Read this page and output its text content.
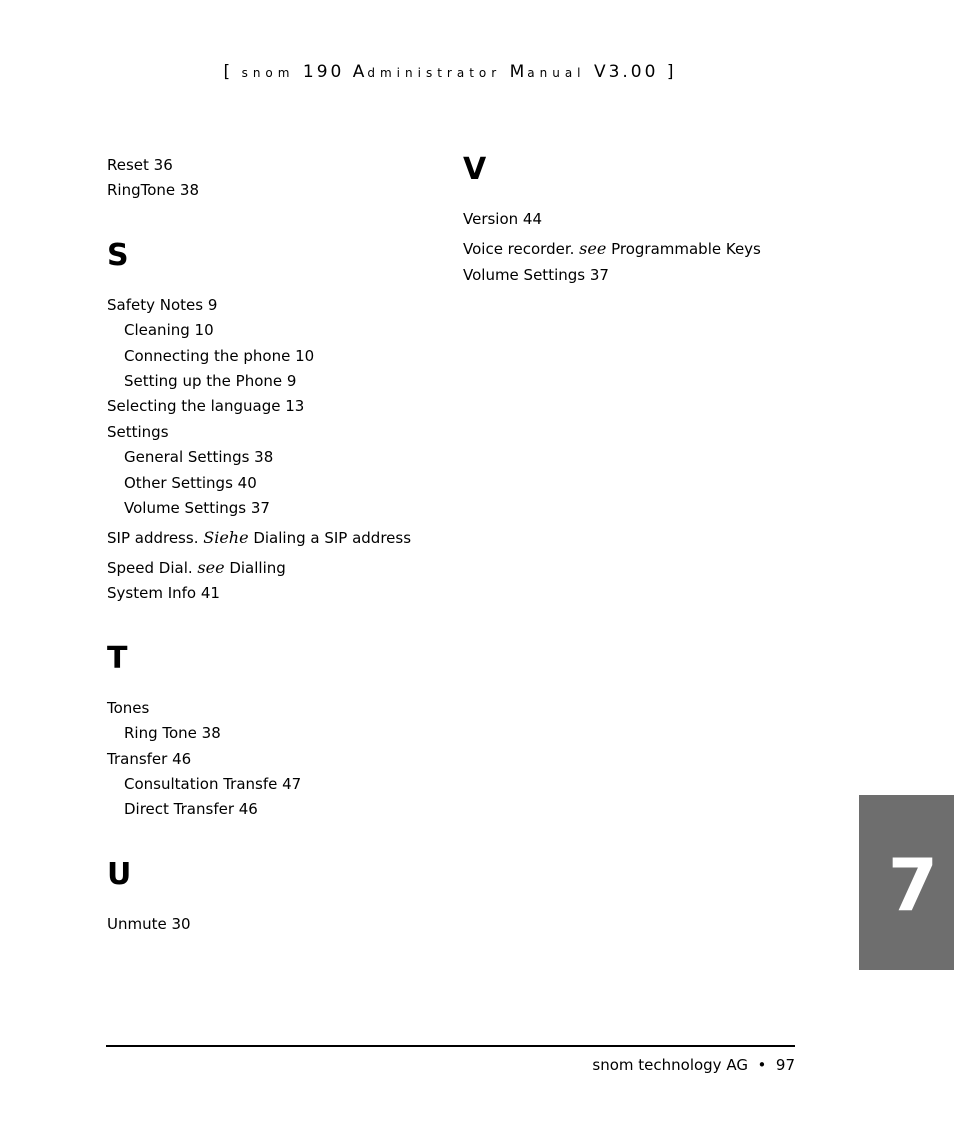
[ snom 190 Administrator Manual V3.00 ]
Reset 36
RingTone 38
S
Safety Notes 9
Cleaning 10
Connecting the phone 10
Setting up the Phone 9
Selecting the language 13
Settings
General Settings 38
Other Settings 40
Volume Settings 37
SIP address. Siehe Dialing a SIP address
Speed Dial. see Dialling
System Info 41
T
Tones
Ring Tone 38
Transfer 46
Consultation Transfe 47
Direct Transfer 46
U
Unmute 30
V
Version 44
Voice recorder. see Programmable Keys
Volume Settings 37
7
snom technology AG • 97
